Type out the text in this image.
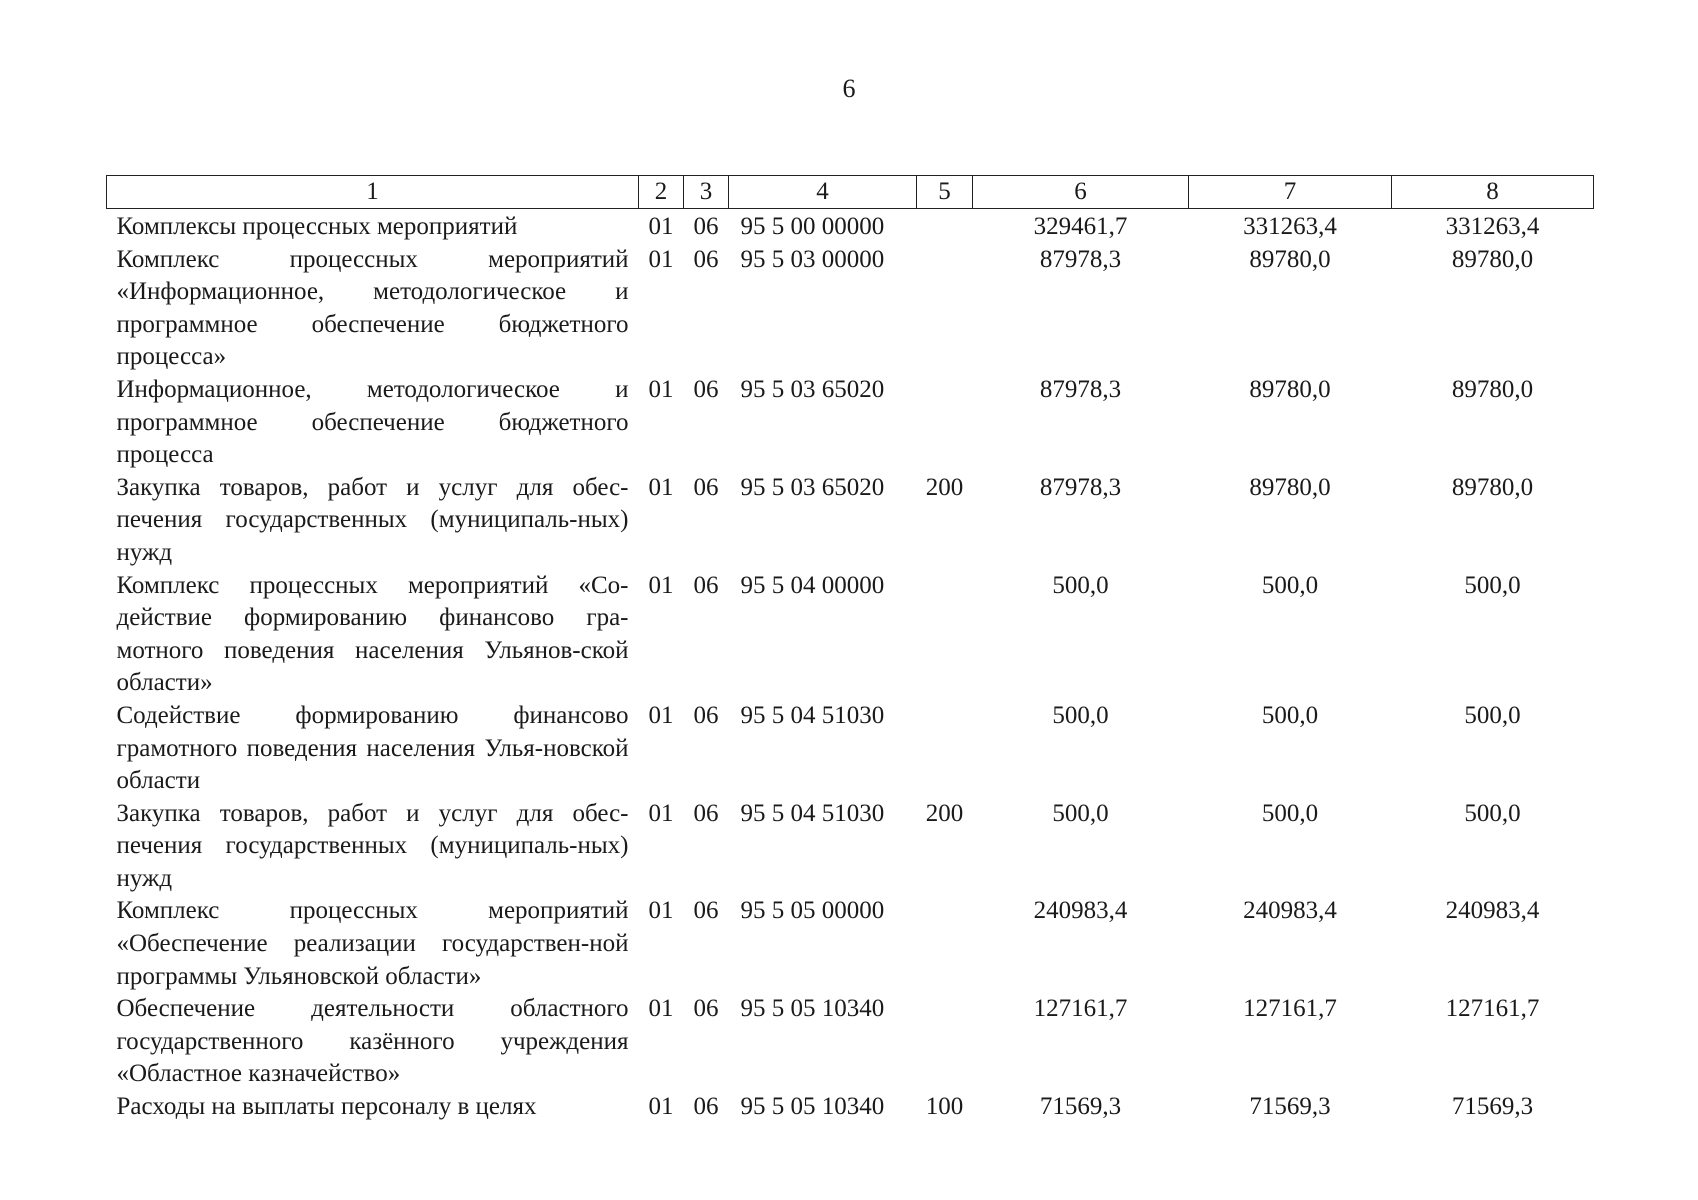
6
1	2	3	4	5	6	7	8
Комплексы процессных мероприятий	01	06	95 5 00 00000		329461,7	331263,4	331263,4
Комплекс процессных мероприятий «Информационное, методологическое и программное обеспечение бюджетного процесса»	01	06	95 5 03 00000		87978,3	89780,0	89780,0
Информационное, методологическое и программное обеспечение бюджетного процесса	01	06	95 5 03 65020		87978,3	89780,0	89780,0
Закупка товаров, работ и услуг для обес-печения государственных (муниципаль-ных) нужд	01	06	95 5 03 65020	200	87978,3	89780,0	89780,0
Комплекс процессных мероприятий «Со-действие формированию финансово гра-мотного поведения населения Ульянов-ской области»	01	06	95 5 04 00000		500,0	500,0	500,0
Содействие формированию финансово грамотного поведения населения Улья-новской области	01	06	95 5 04 51030		500,0	500,0	500,0
Закупка товаров, работ и услуг для обес-печения государственных (муниципаль-ных) нужд	01	06	95 5 04 51030	200	500,0	500,0	500,0
Комплекс процессных мероприятий «Обеспечение реализации государствен-ной программы Ульяновской области»	01	06	95 5 05 00000		240983,4	240983,4	240983,4
Обеспечение деятельности областного государственного казённого учреждения «Областное казначейство»	01	06	95 5 05 10340		127161,7	127161,7	127161,7
Расходы на выплаты персоналу в целях	01	06	95 5 05 10340	100	71569,3	71569,3	71569,3
